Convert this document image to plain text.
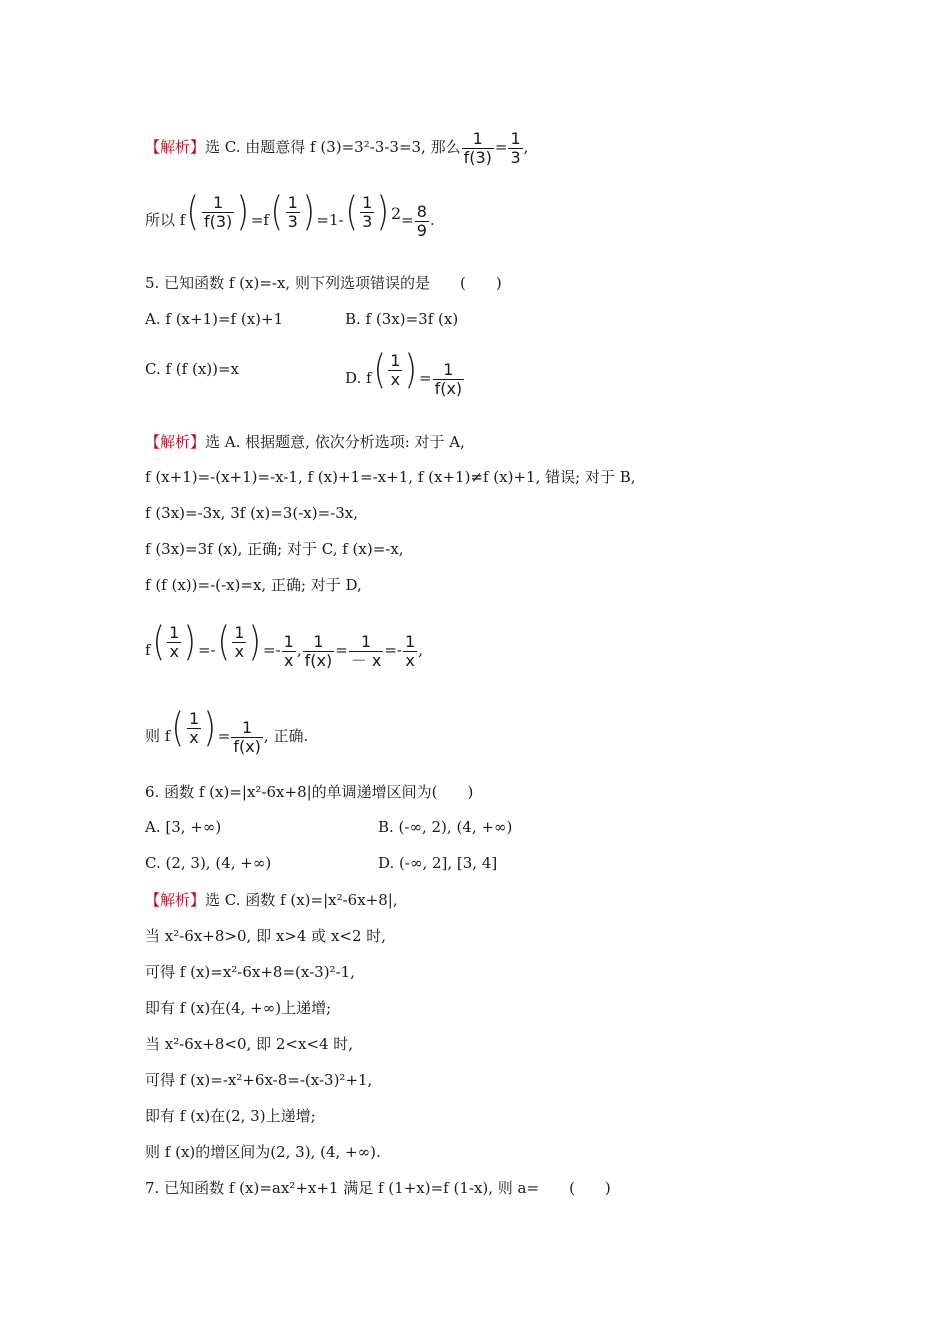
【解析】选 C. 由题意得 f (3)=3²-3-3=3, 那么 $\frac{1}{f(3)} = \frac{1}{3}$ ,
所以 f ( $\frac{1}{f(3)}$ ) =f ( $\frac{1}{3}$ ) =1- ( $\frac{1}{3}$ ) $^2= \frac{8}{9}$ .
5. 已知函数 f (x)=-x, 则下列选项错误的是　　(　　)
A. f (x+1)=f (x)+1	B. f (3x)=3f (x)
C. f (f (x))=x	D. f ( $\frac{1}{x}$ ) = $\frac{1}{f(x)}$
【解析】选 A. 根据题意, 依次分析选项: 对于 A,
f (x+1)=-(x+1)=-x-1, f (x)+1=-x+1, f (x+1)≠f (x)+1, 错误; 对于 B,
f (3x)=-3x, 3f (x)=3(-x)=-3x,
f (3x)=3f (x), 正确; 对于 C, f (x)=-x,
f (f (x))=-(-x)=x, 正确; 对于 D,
f ( $\frac{1}{x}$ ) =- ( $\frac{1}{x}$ ) =- $\frac{1}{x}$ , $\frac{1}{f(x)} = \frac{1}{- x} =- \frac{1}{x}$ ,
则 f ( $\frac{1}{x}$ ) = $\frac{1}{f(x)}$ , 正确.
6. 函数 f (x)=|x²-6x+8|的单调递增区间为(　　)
A. [3, +∞)	B. (-∞, 2), (4, +∞)
C. (2, 3), (4, +∞)	D. (-∞, 2], [3, 4]
【解析】选 C. 函数 f (x)=|x²-6x+8|,
当 x²-6x+8>0, 即 x>4 或 x<2 时,
可得 f (x)=x²-6x+8=(x-3)²-1,
即有 f (x)在(4, +∞)上递增;
当 x²-6x+8<0, 即 2<x<4 时,
可得 f (x)=-x²+6x-8=-(x-3)²+1,
即有 f (x)在(2, 3)上递增;
则 f (x)的增区间为(2, 3), (4, +∞).
7. 已知函数 f (x)=ax²+x+1 满足 f (1+x)=f (1-x), 则 a=　　(　　)
